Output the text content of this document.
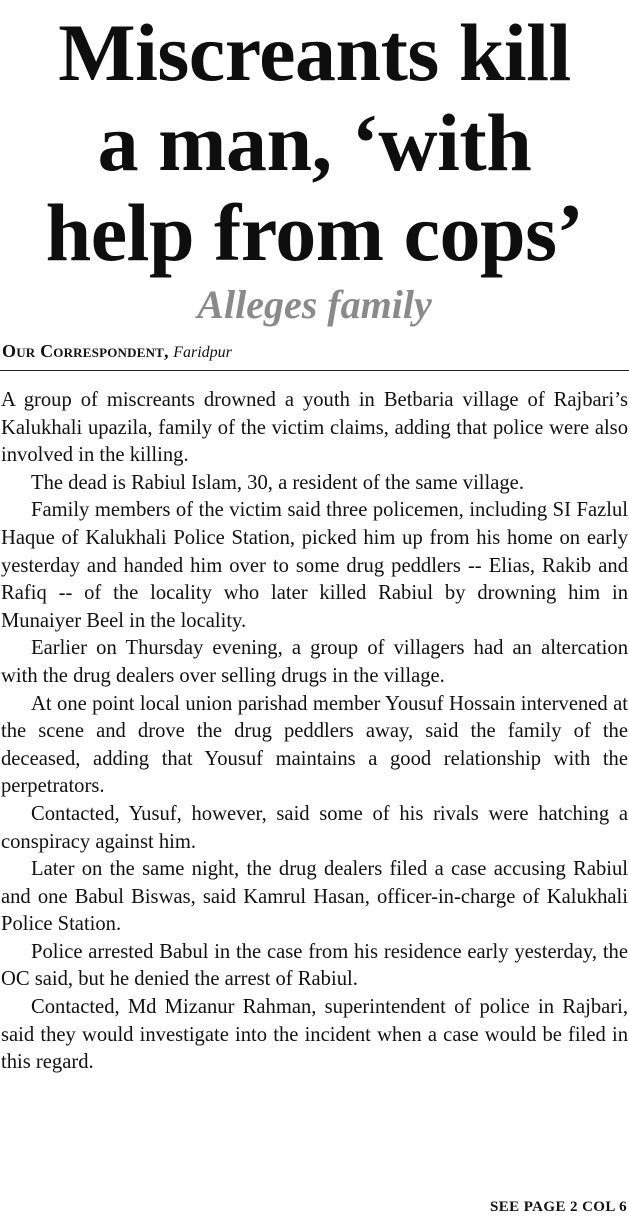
Miscreants kill
a man, ‘with
help from cops’
Alleges family
Our Correspondent, Faridpur

A group of miscreants drowned a youth in Betbaria village of Rajbari’s Kalukhali upazila, family of the victim claims, adding that police were also involved in the killing.

The dead is Rabiul Islam, 30, a resident of the same village.

Family members of the victim said three policemen, including SI Fazlul Haque of Kalukhali Police Station, picked him up from his home on early yesterday and handed him over to some drug peddlers -- Elias, Rakib and Rafiq -- of the locality who later killed Rabiul by drowning him in Munaiyer Beel in the locality.

Earlier on Thursday evening, a group of villagers had an altercation with the drug dealers over selling drugs in the village.

At one point local union parishad member Yousuf Hossain intervened at the scene and drove the drug peddlers away, said the family of the deceased, adding that Yousuf maintains a good relationship with the perpetrators.

Contacted, Yusuf, however, said some of his rivals were hatching a conspiracy against him.

Later on the same night, the drug dealers filed a case accusing Rabiul and one Babul Biswas, said Kamrul Hasan, officer-in-charge of Kalukhali Police Station.

Police arrested Babul in the case from his residence early yesterday, the OC said, but he denied the arrest of Rabiul.

Contacted, Md Mizanur Rahman, superintendent of police in Rajbari, said they would investigate into the incident when a case would be filed in this regard.

SEE PAGE 2 COL 6
